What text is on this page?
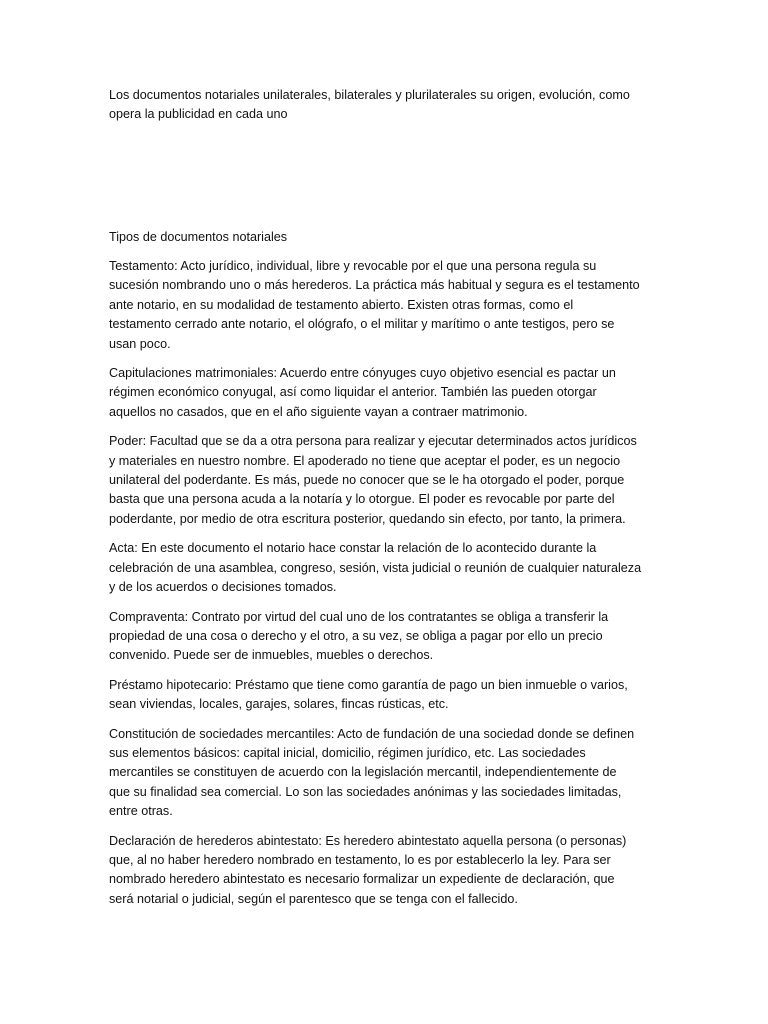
Los documentos notariales unilaterales, bilaterales y plurilaterales su origen, evolución, como
opera la publicidad en cada uno

Tipos de documentos notariales

Testamento: Acto jurídico, individual, libre y revocable por el que una persona regula su
sucesión nombrando uno o más herederos. La práctica más habitual y segura es el testamento
ante notario, en su modalidad de testamento abierto. Existen otras formas, como el
testamento cerrado ante notario, el ológrafo, o el militar y marítimo o ante testigos, pero se
usan poco.

Capitulaciones matrimoniales: Acuerdo entre cónyuges cuyo objetivo esencial es pactar un
régimen económico conyugal, así como liquidar el anterior. También las pueden otorgar
aquellos no casados, que en el año siguiente vayan a contraer matrimonio.

Poder: Facultad que se da a otra persona para realizar y ejecutar determinados actos jurídicos
y materiales en nuestro nombre. El apoderado no tiene que aceptar el poder, es un negocio
unilateral del poderdante. Es más, puede no conocer que se le ha otorgado el poder, porque
basta que una persona acuda a la notaría y lo otorgue. El poder es revocable por parte del
poderdante, por medio de otra escritura posterior, quedando sin efecto, por tanto, la primera.

Acta: En este documento el notario hace constar la relación de lo acontecido durante la
celebración de una asamblea, congreso, sesión, vista judicial o reunión de cualquier naturaleza
y de los acuerdos o decisiones tomados.

Compraventa: Contrato por virtud del cual uno de los contratantes se obliga a transferir la
propiedad de una cosa o derecho y el otro, a su vez, se obliga a pagar por ello un precio
convenido. Puede ser de inmuebles, muebles o derechos.

Préstamo hipotecario: Préstamo que tiene como garantía de pago un bien inmueble o varios,
sean viviendas, locales, garajes, solares, fincas rústicas, etc.

Constitución de sociedades mercantiles: Acto de fundación de una sociedad donde se definen
sus elementos básicos: capital inicial, domicilio, régimen jurídico, etc. Las sociedades
mercantiles se constituyen de acuerdo con la legislación mercantil, independientemente de
que su finalidad sea comercial. Lo son las sociedades anónimas y las sociedades limitadas,
entre otras.

Declaración de herederos abintestato: Es heredero abintestato aquella persona (o personas)
que, al no haber heredero nombrado en testamento, lo es por establecerlo la ley. Para ser
nombrado heredero abintestato es necesario formalizar un expediente de declaración, que
será notarial o judicial, según el parentesco que se tenga con el fallecido.
